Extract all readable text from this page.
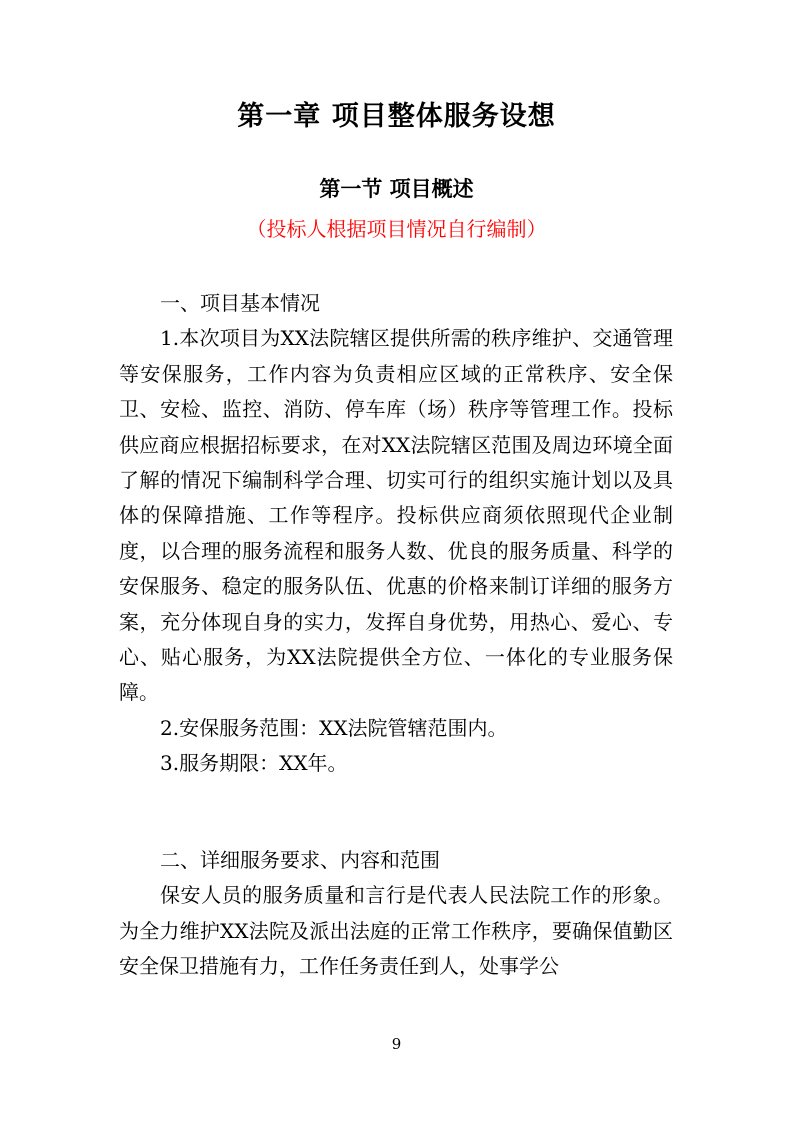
第一章 项目整体服务设想
第一节 项目概述
（投标人根据项目情况自行编制）

一、项目基本情况

1.本次项目为XX法院辖区提供所需的秩序维护、交通管理等安保服务，工作内容为负责相应区域的正常秩序、安全保卫、安检、监控、消防、停车库（场）秩序等管理工作。投标供应商应根据招标要求，在对XX法院辖区范围及周边环境全面了解的情况下编制科学合理、切实可行的组织实施计划以及具体的保障措施、工作等程序。投标供应商须依照现代企业制度，以合理的服务流程和服务人数、优良的服务质量、科学的安保服务、稳定的服务队伍、优惠的价格来制订详细的服务方案，充分体现自身的实力，发挥自身优势，用热心、爱心、专心、贴心服务，为XX法院提供全方位、一体化的专业服务保障。

2.安保服务范围：XX法院管辖范围内。

3.服务期限：XX年。

二、详细服务要求、内容和范围

保安人员的服务质量和言行是代表人民法院工作的形象。为全力维护XX法院及派出法庭的正常工作秩序，要确保值勤区安全保卫措施有力，工作任务责任到人，处事学公

9
